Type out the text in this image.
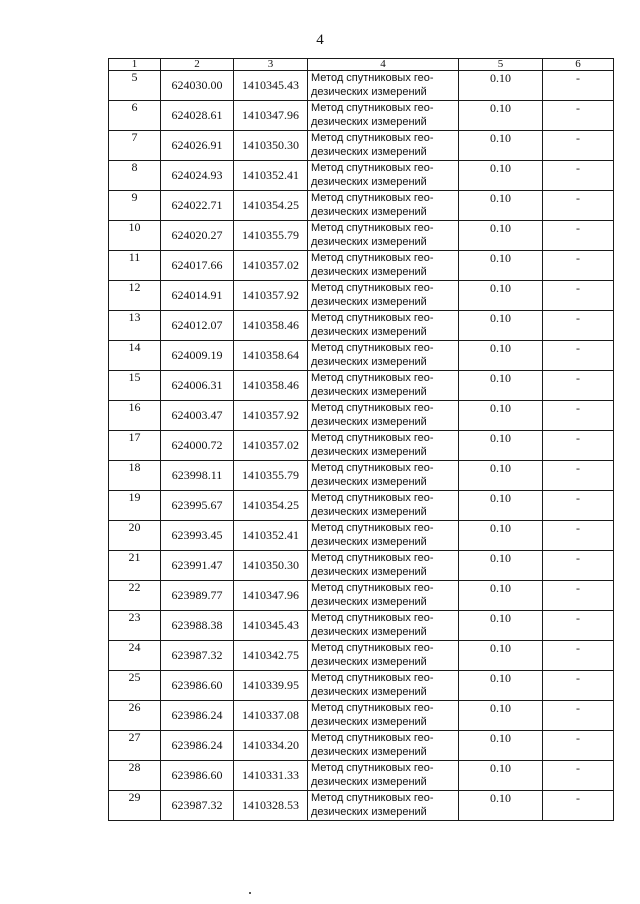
4
1	2	3	4	5	6
5	624030.00	1410345.43	Метод спутниковых гео-дезических измерений	0.10	-
6	624028.61	1410347.96	Метод спутниковых гео-дезических измерений	0.10	-
7	624026.91	1410350.30	Метод спутниковых гео-дезических измерений	0.10	-
8	624024.93	1410352.41	Метод спутниковых гео-дезических измерений	0.10	-
9	624022.71	1410354.25	Метод спутниковых гео-дезических измерений	0.10	-
10	624020.27	1410355.79	Метод спутниковых гео-дезических измерений	0.10	-
11	624017.66	1410357.02	Метод спутниковых гео-дезических измерений	0.10	-
12	624014.91	1410357.92	Метод спутниковых гео-дезических измерений	0.10	-
13	624012.07	1410358.46	Метод спутниковых гео-дезических измерений	0.10	-
14	624009.19	1410358.64	Метод спутниковых гео-дезических измерений	0.10	-
15	624006.31	1410358.46	Метод спутниковых гео-дезических измерений	0.10	-
16	624003.47	1410357.92	Метод спутниковых гео-дезических измерений	0.10	-
17	624000.72	1410357.02	Метод спутниковых гео-дезических измерений	0.10	-
18	623998.11	1410355.79	Метод спутниковых гео-дезических измерений	0.10	-
19	623995.67	1410354.25	Метод спутниковых гео-дезических измерений	0.10	-
20	623993.45	1410352.41	Метод спутниковых гео-дезических измерений	0.10	-
21	623991.47	1410350.30	Метод спутниковых гео-дезических измерений	0.10	-
22	623989.77	1410347.96	Метод спутниковых гео-дезических измерений	0.10	-
23	623988.38	1410345.43	Метод спутниковых гео-дезических измерений	0.10	-
24	623987.32	1410342.75	Метод спутниковых гео-дезических измерений	0.10	-
25	623986.60	1410339.95	Метод спутниковых гео-дезических измерений	0.10	-
26	623986.24	1410337.08	Метод спутниковых гео-дезических измерений	0.10	-
27	623986.24	1410334.20	Метод спутниковых гео-дезических измерений	0.10	-
28	623986.60	1410331.33	Метод спутниковых гео-дезических измерений	0.10	-
29	623987.32	1410328.53	Метод спутниковых гео-дезических измерений	0.10	-
